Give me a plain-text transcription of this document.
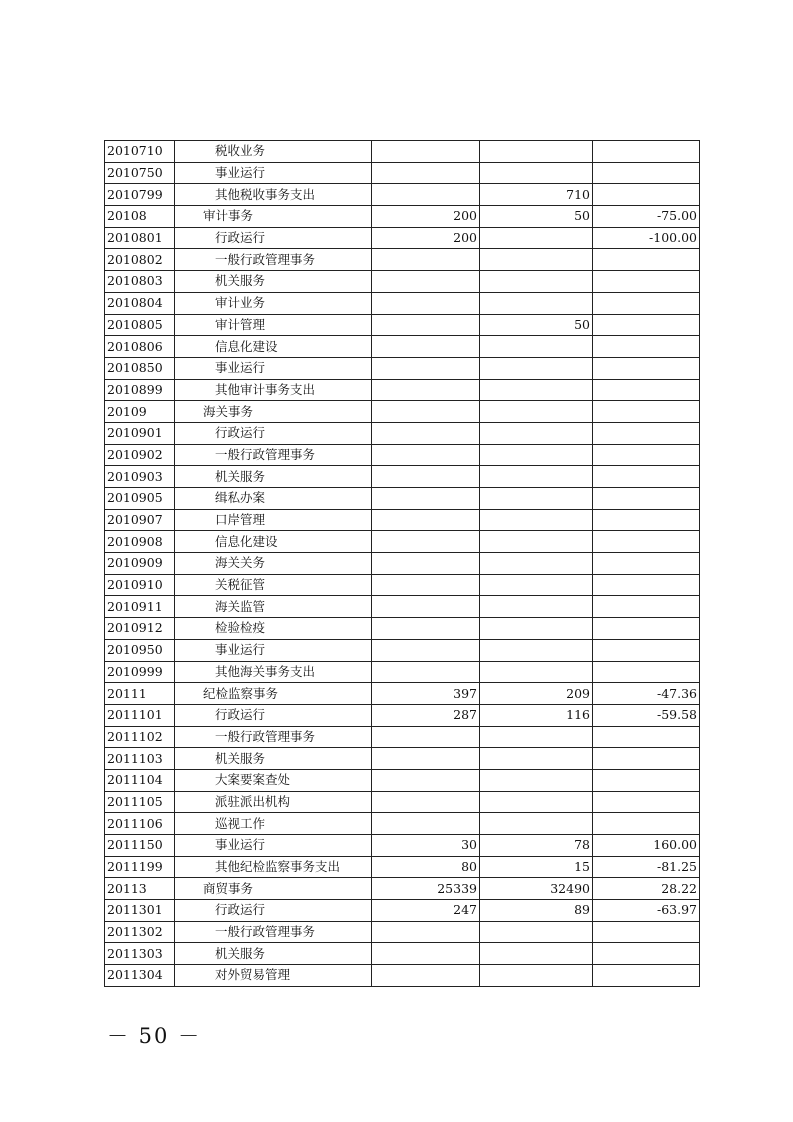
2010710	税收业务			
2010750	事业运行			
2010799	其他税收事务支出		710	
20108	审计事务	200	50	-75.00
2010801	行政运行	200		-100.00
2010802	一般行政管理事务			
2010803	机关服务			
2010804	审计业务			
2010805	审计管理		50	
2010806	信息化建设			
2010850	事业运行			
2010899	其他审计事务支出			
20109	海关事务			
2010901	行政运行			
2010902	一般行政管理事务			
2010903	机关服务			
2010905	缉私办案			
2010907	口岸管理			
2010908	信息化建设			
2010909	海关关务			
2010910	关税征管			
2010911	海关监管			
2010912	检验检疫			
2010950	事业运行			
2010999	其他海关事务支出			
20111	纪检监察事务	397	209	-47.36
2011101	行政运行	287	116	-59.58
2011102	一般行政管理事务			
2011103	机关服务			
2011104	大案要案查处			
2011105	派驻派出机构			
2011106	巡视工作			
2011150	事业运行	30	78	160.00
2011199	其他纪检监察事务支出	80	15	-81.25
20113	商贸事务	25339	32490	28.22
2011301	行政运行	247	89	-63.97
2011302	一般行政管理事务			
2011303	机关服务			
2011304	对外贸易管理			
－ 50 －
